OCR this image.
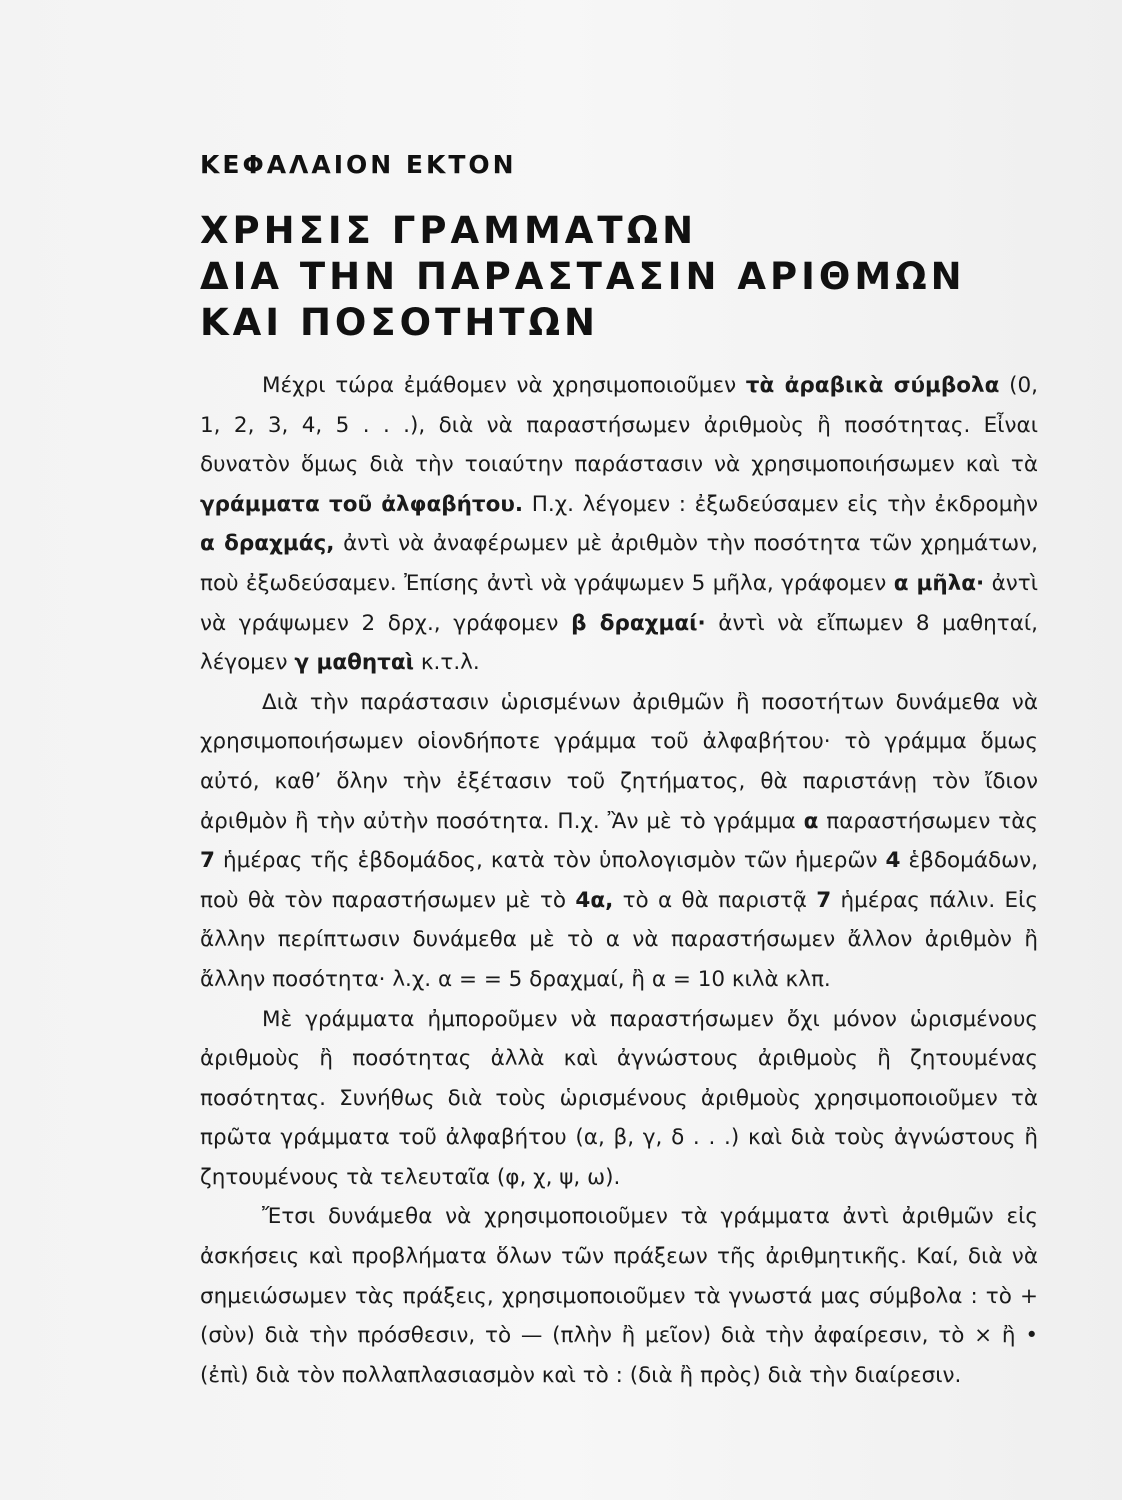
ΚΕΦΑΛΑΙΟΝ ΕΚΤΟΝ
ΧΡΗΣΙΣ ΓΡΑΜΜΑΤΩΝ
ΔΙΑ ΤΗΝ ΠΑΡΑΣΤΑΣΙΝ ΑΡΙΘΜΩΝ
ΚΑΙ ΠΟΣΟΤΗΤΩΝ

Μέχρι τώρα ἐμάθομεν νὰ χρησιμοποιοῦμεν τὰ ἀραβικὰ σύμβολα (0, 1, 2, 3, 4, 5 . . .), διὰ νὰ παραστήσωμεν ἀριθμοὺς ἢ ποσότητας. Εἶναι δυνατὸν ὅμως διὰ τὴν τοιαύτην παράστασιν νὰ χρησιμοποιήσωμεν καὶ τὰ γράμματα τοῦ ἀλφαβήτου. Π.χ. λέγομεν : ἐξωδεύσαμεν εἰς τὴν ἐκδρομὴν α δραχμάς, ἀντὶ νὰ ἀναφέρωμεν μὲ ἀριθμὸν τὴν ποσότητα τῶν χρημάτων, ποὺ ἐξωδεύσαμεν. Ἐπίσης ἀντὶ νὰ γράψωμεν 5 μῆλα, γράφομεν α μῆλα· ἀντὶ νὰ γράψωμεν 2 δρχ., γράφομεν β δραχμαί· ἀντὶ νὰ εἴπωμεν 8 μαθηταί, λέγομεν γ μαθηταὶ κ.τ.λ.

Διὰ τὴν παράστασιν ὡρισμένων ἀριθμῶν ἢ ποσοτήτων δυνάμεθα νὰ χρησιμοποιήσωμεν οἱονδήποτε γράμμα τοῦ ἀλφαβήτου· τὸ γράμμα ὅμως αὐτό, καθ’ ὅλην τὴν ἐξέτασιν τοῦ ζητήματος, θὰ παριστάνῃ τὸν ἴδιον ἀριθμὸν ἢ τὴν αὐτὴν ποσότητα. Π.χ. Ἂν μὲ τὸ γράμμα α παραστήσωμεν τὰς 7 ἡμέρας τῆς ἑβδομάδος, κατὰ τὸν ὑπολογισμὸν τῶν ἡμερῶν 4 ἑβδομάδων, ποὺ θὰ τὸν παραστήσωμεν μὲ τὸ 4α, τὸ α θὰ παριστᾷ 7 ἡμέρας πάλιν. Εἰς ἄλλην περίπτωσιν δυνάμεθα μὲ τὸ α νὰ παραστήσωμεν ἄλλον ἀριθμὸν ἢ ἄλλην ποσότητα· λ.χ. α = = 5 δραχμαί, ἢ α = 10 κιλὰ κλπ.

Μὲ γράμματα ἠμποροῦμεν νὰ παραστήσωμεν ὄχι μόνον ὡρισμένους ἀριθμοὺς ἢ ποσότητας ἀλλὰ καὶ ἀγνώστους ἀριθμοὺς ἢ ζητουμένας ποσότητας. Συνήθως διὰ τοὺς ὡρισμένους ἀριθμοὺς χρησιμοποιοῦμεν τὰ πρῶτα γράμματα τοῦ ἀλφαβήτου (α, β, γ, δ . . .) καὶ διὰ τοὺς ἀγνώστους ἢ ζητουμένους τὰ τελευταῖα (φ, χ, ψ, ω).

Ἔτσι δυνάμεθα νὰ χρησιμοποιοῦμεν τὰ γράμματα ἀντὶ ἀριθμῶν εἰς ἀσκήσεις καὶ προβλήματα ὅλων τῶν πράξεων τῆς ἀριθμητικῆς. Καί, διὰ νὰ σημειώσωμεν τὰς πράξεις, χρησιμοποιοῦμεν τὰ γνωστά μας σύμβολα : τὸ + (σὺν) διὰ τὴν πρόσθεσιν, τὸ — (πλὴν ἢ μεῖον) διὰ τὴν ἀφαίρεσιν, τὸ × ἢ • (ἐπὶ) διὰ τὸν πολλαπλασιασμὸν καὶ τὸ : (διὰ ἢ πρὸς) διὰ τὴν διαίρεσιν.
